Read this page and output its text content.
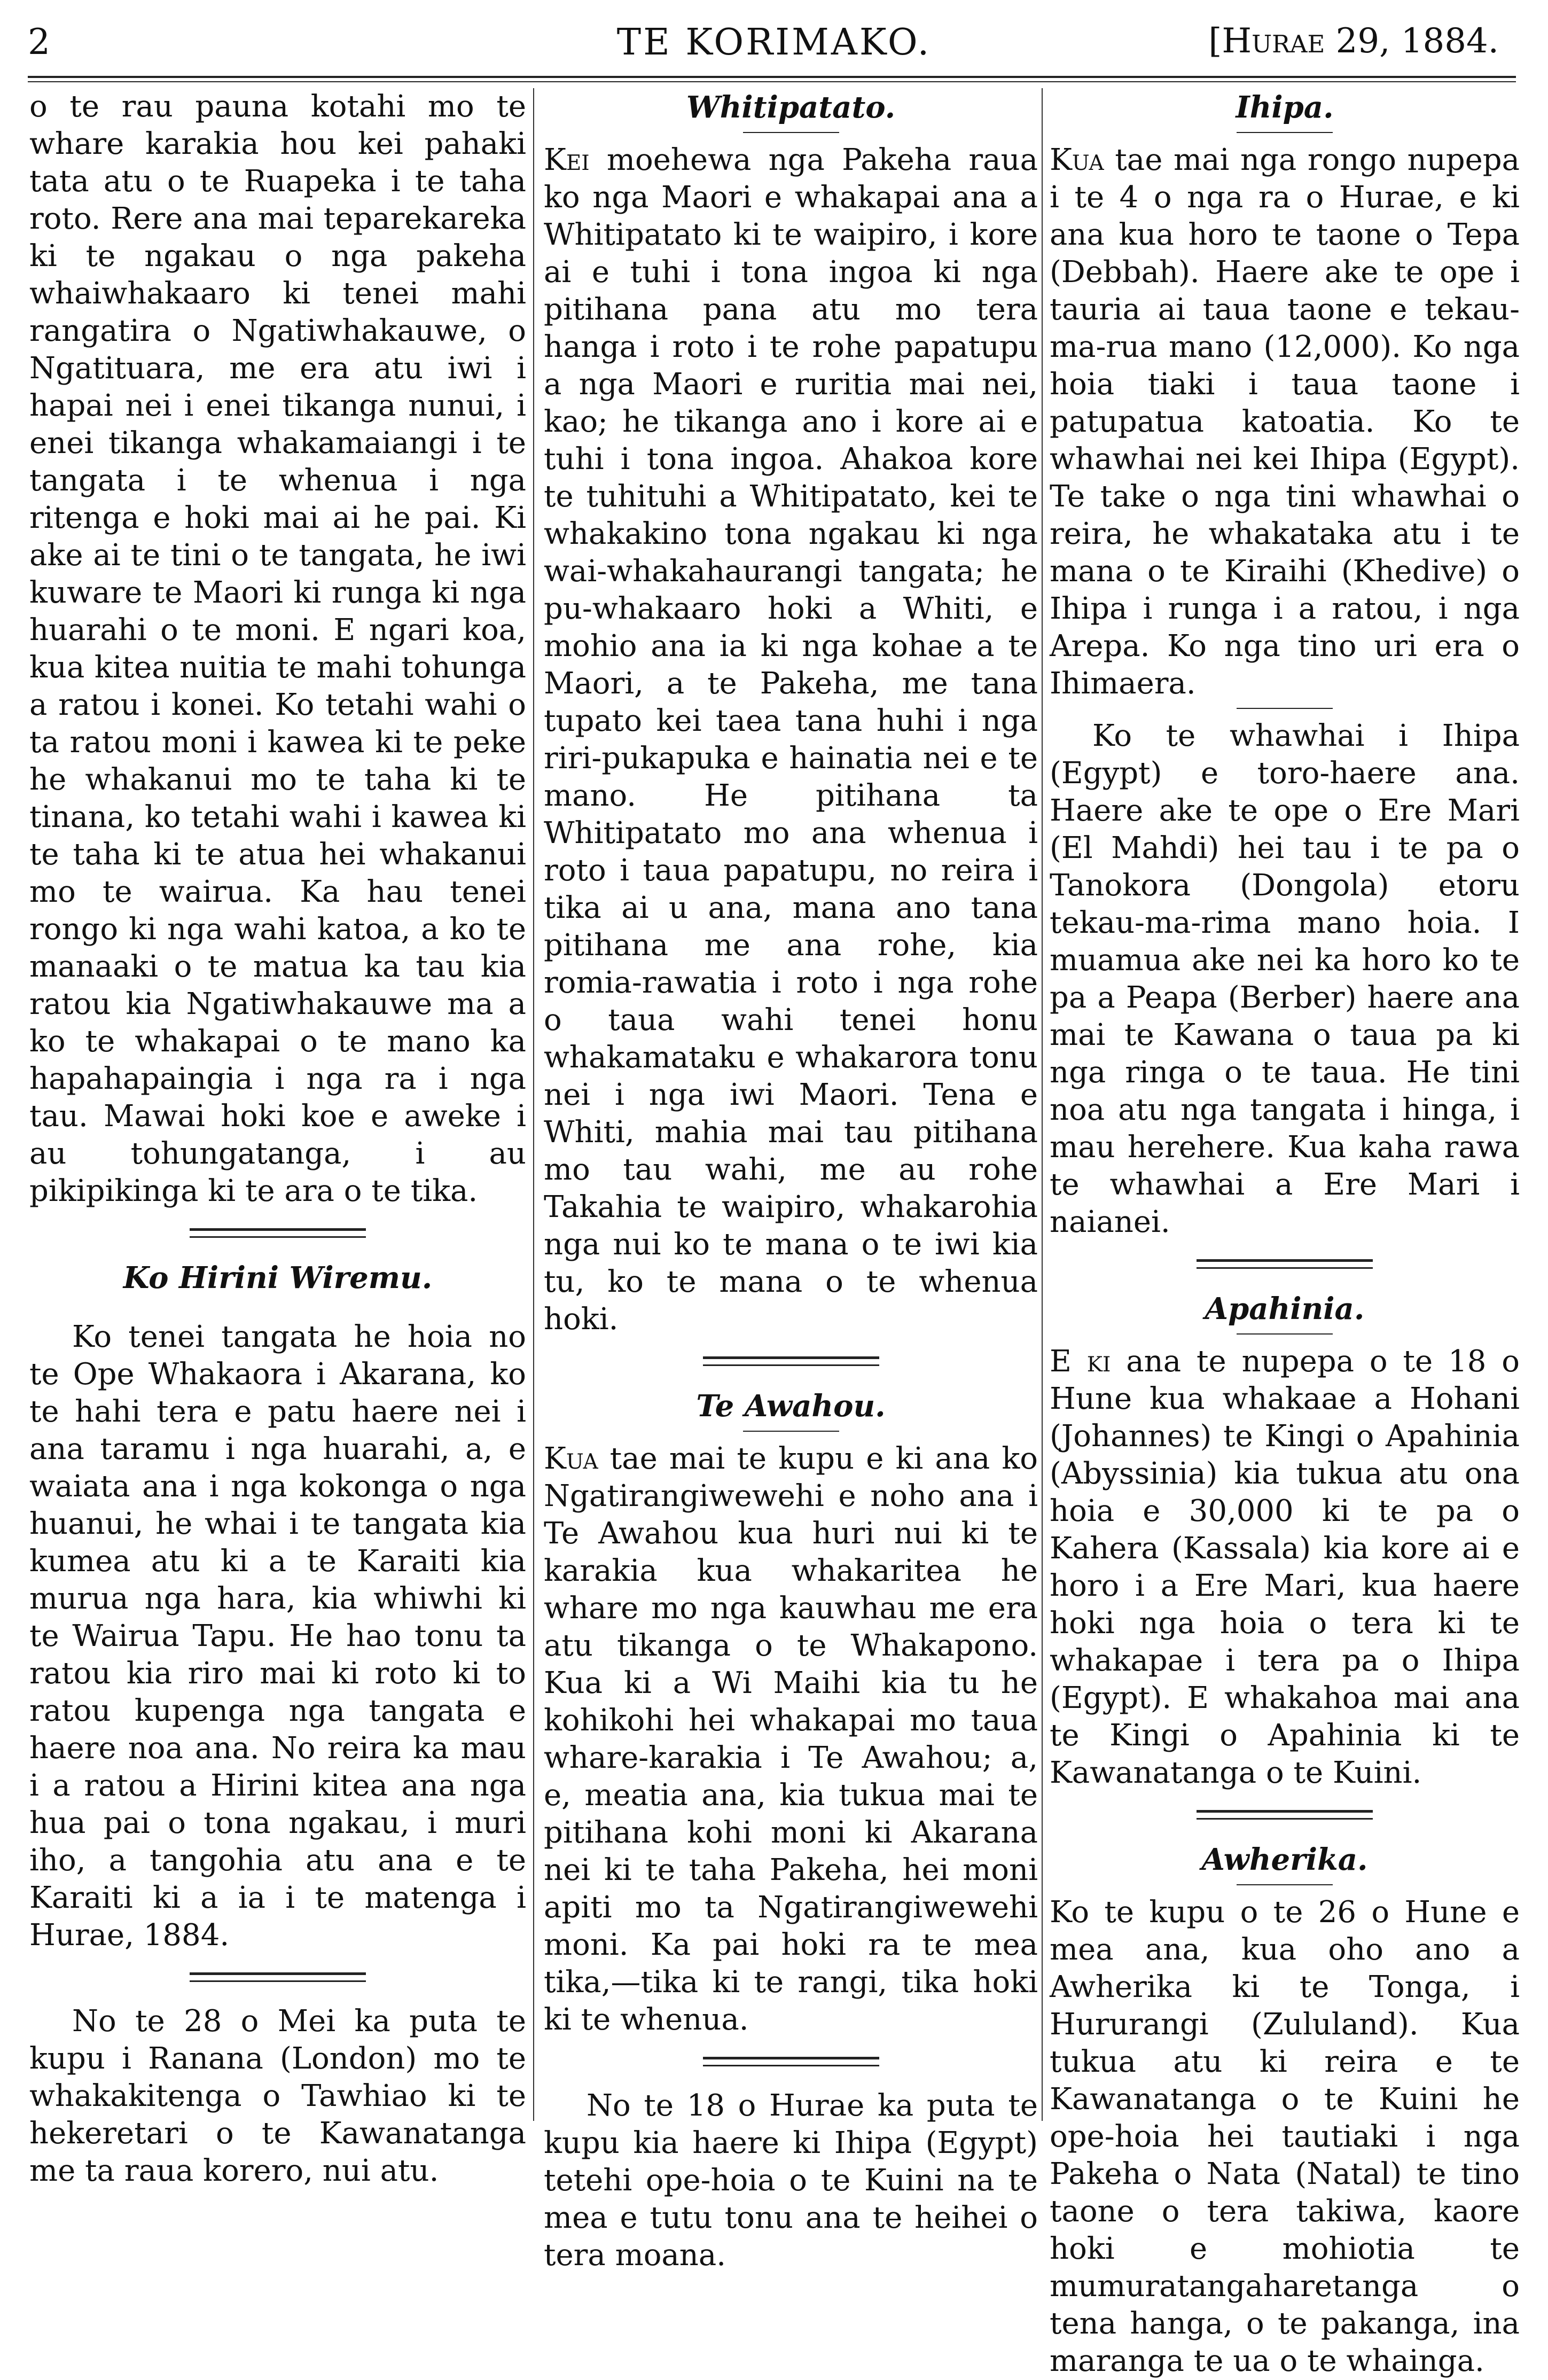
2	TE KORIMAKO.	[Hurae 29, 1884.

o te rau pauna kotahi mo te whare karakia hou kei pahaki tata atu o te Ruapeka i te taha roto. Rere ana mai teparekareka ki te ngakau o nga pakeha whaiwhakaaro ki tenei mahi rangatira o Ngatiwhakauwe, o Ngatituara, me era atu iwi i hapai nei i enei tikanga nunui, i enei tikanga whakamaiangi i te tangata i te whenua i nga ritenga e hoki mai ai he pai. Ki ake ai te tini o te tangata, he iwi kuware te Maori ki runga ki nga huarahi o te moni. E ngari koa, kua kitea nuitia te mahi tohunga a ratou i konei. Ko tetahi wahi o ta ratou moni i kawea ki te peke he whakanui mo te taha ki te tinana, ko tetahi wahi i kawea ki te taha ki te atua hei whakanui mo te wairua. Ka hau tenei rongo ki nga wahi katoa, a ko te manaaki o te matua ka tau kia ratou kia Ngatiwhakauwe ma a ko te whakapai o te mano ka hapahapaingia i nga ra i nga tau. Mawai hoki koe e aweke i au tohungatanga, i au pikipikinga ki te ara o te tika.

Ko Hirini Wiremu.

Ko tenei tangata he hoia no te Ope Whakaora i Akarana, ko te hahi tera e patu haere nei i ana taramu i nga huarahi, a, e waiata ana i nga kokonga o nga huanui, he whai i te tangata kia kumea atu ki a te Karaiti kia murua nga hara, kia whiwhi ki te Wairua Tapu. He hao tonu ta ratou kia riro mai ki roto ki to ratou kupenga nga tangata e haere noa ana. No reira ka mau i a ratou a Hirini kitea ana nga hua pai o tona ngakau, i muri iho, a tangohia atu ana e te Karaiti ki a ia i te matenga i Hurae, 1884.

No te 28 o Mei ka puta te kupu i Ranana (London) mo te whakakitenga o Tawhiao ki te hekeretari o te Kawanatanga me ta raua korero, nui atu.

Whitipatato.

Kei moehewa nga Pakeha raua ko nga Maori e whakapai ana a Whitipatato ki te waipiro, i kore ai e tuhi i tona ingoa ki nga pitihana pana atu mo tera hanga i roto i te rohe papatupu a nga Maori e ruritia mai nei, kao; he tikanga ano i kore ai e tuhi i tona ingoa. Ahakoa kore te tuhituhi a Whitipatato, kei te whakakino tona ngakau ki nga wai-whakahaurangi tangata; he pu-whakaaro hoki a Whiti, e mohio ana ia ki nga kohae a te Maori, a te Pakeha, me tana tupato kei taea tana huhi i nga riri-pukapuka e hainatia nei e te mano. He pitihana ta Whitipatato mo ana whenua i roto i taua papatupu, no reira i tika ai u ana, mana ano tana pitihana me ana rohe, kia romia-rawatia i roto i nga rohe o taua wahi tenei honu whakamataku e whakarora tonu nei i nga iwi Maori. Tena e Whiti, mahia mai tau pitihana mo tau wahi, me au rohe Takahia te waipiro, whakarohia nga nui ko te mana o te iwi kia tu, ko te mana o te whenua hoki.

Te Awahou.

Kua tae mai te kupu e ki ana ko Ngatirangiwewehi e noho ana i Te Awahou kua huri nui ki te karakia kua whakaritea he whare mo nga kauwhau me era atu tikanga o te Whakapono. Kua ki a Wi Maihi kia tu he kohikohi hei whakapai mo taua whare-karakia i Te Awahou; a, e, meatia ana, kia tukua mai te pitihana kohi moni ki Akarana nei ki te taha Pakeha, hei moni apiti mo ta Ngatirangiwewehi moni. Ka pai hoki ra te mea tika,—tika ki te rangi, tika hoki ki te whenua.

No te 18 o Hurae ka puta te kupu kia haere ki Ihipa (Egypt) tetehi ope-hoia o te Kuini na te mea e tutu tonu ana te heihei o tera moana.

Ihipa.

Kua tae mai nga rongo nupepa i te 4 o nga ra o Hurae, e ki ana kua horo te taone o Tepa (Debbah). Haere ake te ope i tauria ai taua taone e tekau-ma-rua mano (12,000). Ko nga hoia tiaki i taua taone i patupatua katoatia. Ko te whawhai nei kei Ihipa (Egypt). Te take o nga tini whawhai o reira, he whakataka atu i te mana o te Kiraihi (Khedive) o Ihipa i runga i a ratou, i nga Arepa. Ko nga tino uri era o Ihimaera.

Ko te whawhai i Ihipa (Egypt) e toro-haere ana. Haere ake te ope o Ere Mari (El Mahdi) hei tau i te pa o Tanokora (Dongola) etoru tekau-ma-rima mano hoia. I muamua ake nei ka horo ko te pa a Peapa (Berber) haere ana mai te Kawana o taua pa ki nga ringa o te taua. He tini noa atu nga tangata i hinga, i mau herehere. Kua kaha rawa te whawhai a Ere Mari i naianei.

Apahinia.

E ki ana te nupepa o te 18 o Hune kua whakaae a Hohani (Johannes) te Kingi o Apahinia (Abyssinia) kia tukua atu ona hoia e 30,000 ki te pa o Kahera (Kassala) kia kore ai e horo i a Ere Mari, kua haere hoki nga hoia o tera ki te whakapae i tera pa o Ihipa (Egypt). E whakahoa mai ana te Kingi o Apahinia ki te Kawanatanga o te Kuini.

Awherika.

Ko te kupu o te 26 o Hune e mea ana, kua oho ano a Awherika ki te Tonga, i Hururangi (Zululand). Kua tukua atu ki reira e te Kawanatanga o te Kuini he ope-hoia hei tautiaki i nga Pakeha o Nata (Natal) te tino taone o tera takiwa, kaore hoki e mohiotia te mumuratangaharetanga o tena hanga, o te pakanga, ina maranga te ua o te whainga.
